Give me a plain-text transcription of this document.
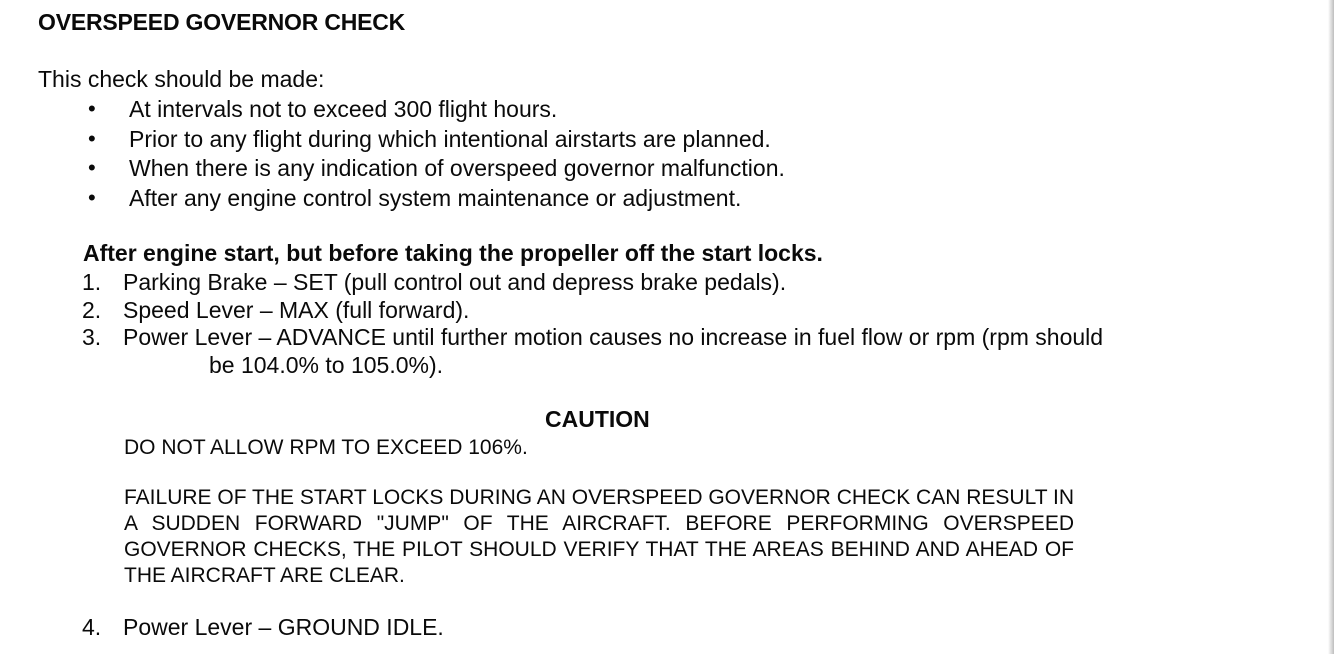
OVERSPEED GOVERNOR CHECK
This check should be made:
• At intervals not to exceed 300 flight hours.
• Prior to any flight during which intentional airstarts are planned.
• When there is any indication of overspeed governor malfunction.
• After any engine control system maintenance or adjustment.
After engine start, but before taking the propeller off the start locks.
1. Parking Brake – SET (pull control out and depress brake pedals).
2. Speed Lever – MAX (full forward).
3. Power Lever – ADVANCE until further motion causes no increase in fuel flow or rpm (rpm should
be 104.0% to 105.0%).
CAUTION
DO NOT ALLOW RPM TO EXCEED 106%.
FAILURE OF THE START LOCKS DURING AN OVERSPEED GOVERNOR CHECK CAN RESULT IN A SUDDEN FORWARD "JUMP" OF THE AIRCRAFT. BEFORE PERFORMING OVERSPEED GOVERNOR CHECKS, THE PILOT SHOULD VERIFY THAT THE AREAS BEHIND AND AHEAD OF THE AIRCRAFT ARE CLEAR.
4. Power Lever – GROUND IDLE.
